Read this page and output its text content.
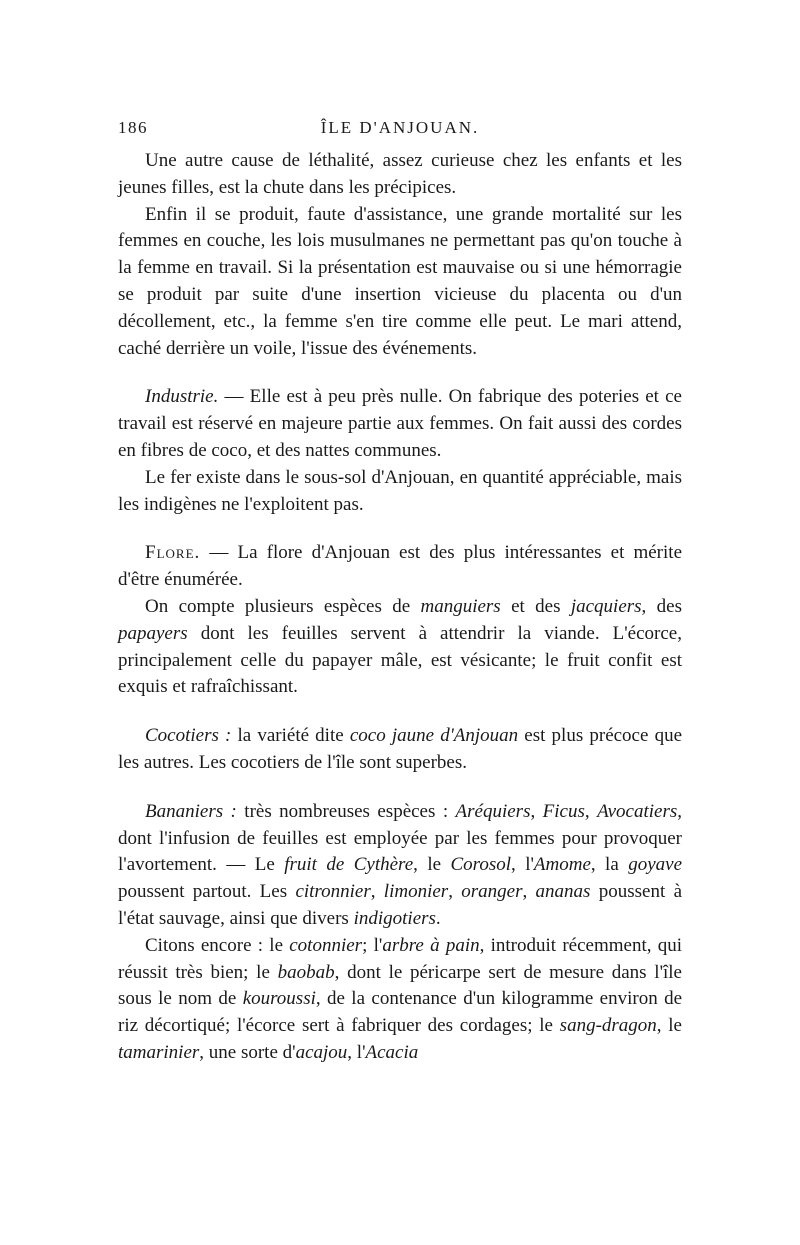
186	ÎLE D'ANJOUAN.

Une autre cause de léthalité, assez curieuse chez les enfants et les jeunes filles, est la chute dans les précipices.

Enfin il se produit, faute d'assistance, une grande mortalité sur les femmes en couche, les lois musulmanes ne permettant pas qu'on touche à la femme en travail. Si la présentation est mauvaise ou si une hémorragie se produit par suite d'une insertion vicieuse du placenta ou d'un décollement, etc., la femme s'en tire comme elle peut. Le mari attend, caché derrière un voile, l'issue des événements.

Industrie. — Elle est à peu près nulle. On fabrique des poteries et ce travail est réservé en majeure partie aux femmes. On fait aussi des cordes en fibres de coco, et des nattes communes.

Le fer existe dans le sous-sol d'Anjouan, en quantité appréciable, mais les indigènes ne l'exploitent pas.

Flore. — La flore d'Anjouan est des plus intéressantes et mérite d'être énumérée.

On compte plusieurs espèces de manguiers et des jacquiers, des papayers dont les feuilles servent à attendrir la viande. L'écorce, principalement celle du papayer mâle, est vésicante; le fruit confit est exquis et rafraîchissant.

Cocotiers : la variété dite coco jaune d'Anjouan est plus précoce que les autres. Les cocotiers de l'île sont superbes.

Bananiers : très nombreuses espèces : Aréquiers, Ficus, Avocatiers, dont l'infusion de feuilles est employée par les femmes pour provoquer l'avortement. — Le fruit de Cythère, le Corosol, l'Amome, la goyave poussent partout. Les citronnier, limonier, oranger, ananas poussent à l'état sauvage, ainsi que divers indigotiers.

Citons encore : le cotonnier; l'arbre à pain, introduit récemment, qui réussit très bien; le baobab, dont le péricarpe sert de mesure dans l'île sous le nom de kouroussi, de la contenance d'un kilogramme environ de riz décortiqué; l'écorce sert à fabriquer des cordages; le sang-dragon, le tamarinier, une sorte d'acajou, l'Acacia
